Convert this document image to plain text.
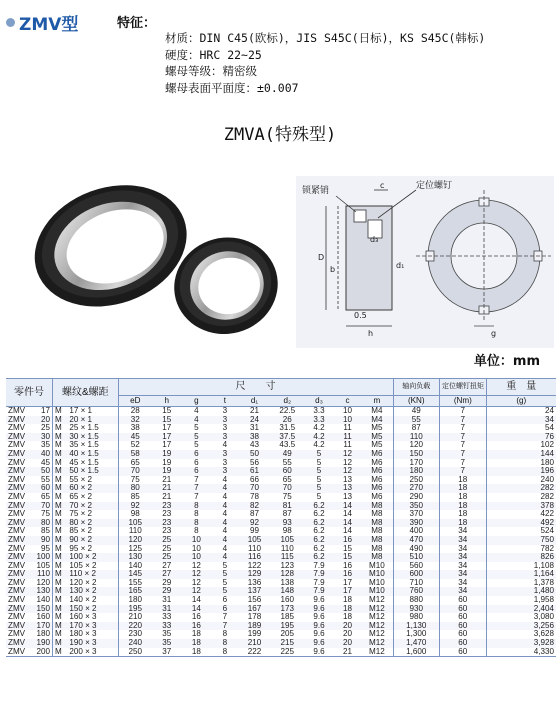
ZMV型	特征：
材质：DIN C45(欧标)，JIS S45C(日标)，KS S45C(韩标)
硬度：HRC 22~25
螺母等级：精密级
螺母表面平面度：±0.007
ZMVA(特殊型)
锁紧销	定位螺钉
c
d₃
D
b	d₁
0.5
h	g
单位：mm
零件号		螺纹&螺距		尺　　寸									轴向负载	定位螺钉扭矩	重　量
				eD	h	g	t	d₁	d₂	d₃	c	m	(KN)	(Nm)	(g)
ZMV	17	M	17 × 1	28	15	4	3	21	22.5	3.3	10	M4	49	7	24
ZMV	20	M	20 × 1	32	15	4	3	24	26	3.3	10	M4	55	7	34
ZMV	25	M	25 × 1.5	38	17	5	3	31	31.5	4.2	11	M5	87	7	54
ZMV	30	M	30 × 1.5	45	17	5	3	38	37.5	4.2	11	M5	110	7	76
ZMV	35	M	35 × 1.5	52	17	5	4	43	43.5	4.2	11	M5	120	7	102
ZMV	40	M	40 × 1.5	58	19	6	3	50	49	5	12	M6	150	7	144
ZMV	45	M	45 × 1.5	65	19	6	3	56	55	5	12	M6	170	7	180
ZMV	50	M	50 × 1.5	70	19	6	3	61	60	5	12	M6	180	7	196
ZMV	55	M	55 × 2	75	21	7	4	66	65	5	13	M6	250	18	240
ZMV	60	M	60 × 2	80	21	7	4	70	70	5	13	M6	270	18	282
ZMV	65	M	65 × 2	85	21	7	4	78	75	5	13	M6	290	18	282
ZMV	70	M	70 × 2	92	23	8	4	82	81	6.2	14	M8	350	18	378
ZMV	75	M	75 × 2	98	23	8	4	87	87	6.2	14	M8	370	18	422
ZMV	80	M	80 × 2	105	23	8	4	92	93	6.2	14	M8	390	18	492
ZMV	85	M	85 × 2	110	23	8	4	99	98	6.2	14	M8	400	34	524
ZMV	90	M	90 × 2	120	25	10	4	105	105	6.2	16	M8	470	34	750
ZMV	95	M	95 × 2	125	25	10	4	110	110	6.2	15	M8	490	34	782
ZMV	100	M	100 × 2	130	25	10	4	116	115	6.2	15	M8	510	34	826
ZMV	105	M	105 × 2	140	27	12	5	122	123	7.9	16	M10	560	34	1,108
ZMV	110	M	110 × 2	145	27	12	5	129	128	7.9	16	M10	600	34	1,164
ZMV	120	M	120 × 2	155	29	12	5	136	138	7.9	17	M10	710	34	1,378
ZMV	130	M	130 × 2	165	29	12	5	137	148	7.9	17	M10	760	34	1,480
ZMV	140	M	140 × 2	180	31	14	6	156	160	9.6	18	M12	880	60	1,958
ZMV	150	M	150 × 2	195	31	14	6	167	173	9.6	18	M12	930	60	2,404
ZMV	160	M	160 × 3	210	33	16	7	178	185	9.6	18	M12	980	60	3,080
ZMV	170	M	170 × 3	220	33	16	7	189	195	9.6	20	M12	1,130	60	3,256
ZMV	180	M	180 × 3	230	35	18	8	199	205	9.6	20	M12	1,300	60	3,628
ZMV	190	M	190 × 3	240	35	18	8	210	215	9.6	20	M12	1,470	60	3,928
ZMV	200	M	200 × 3	250	37	18	8	222	225	9.6	21	M12	1,600	60	4,330
